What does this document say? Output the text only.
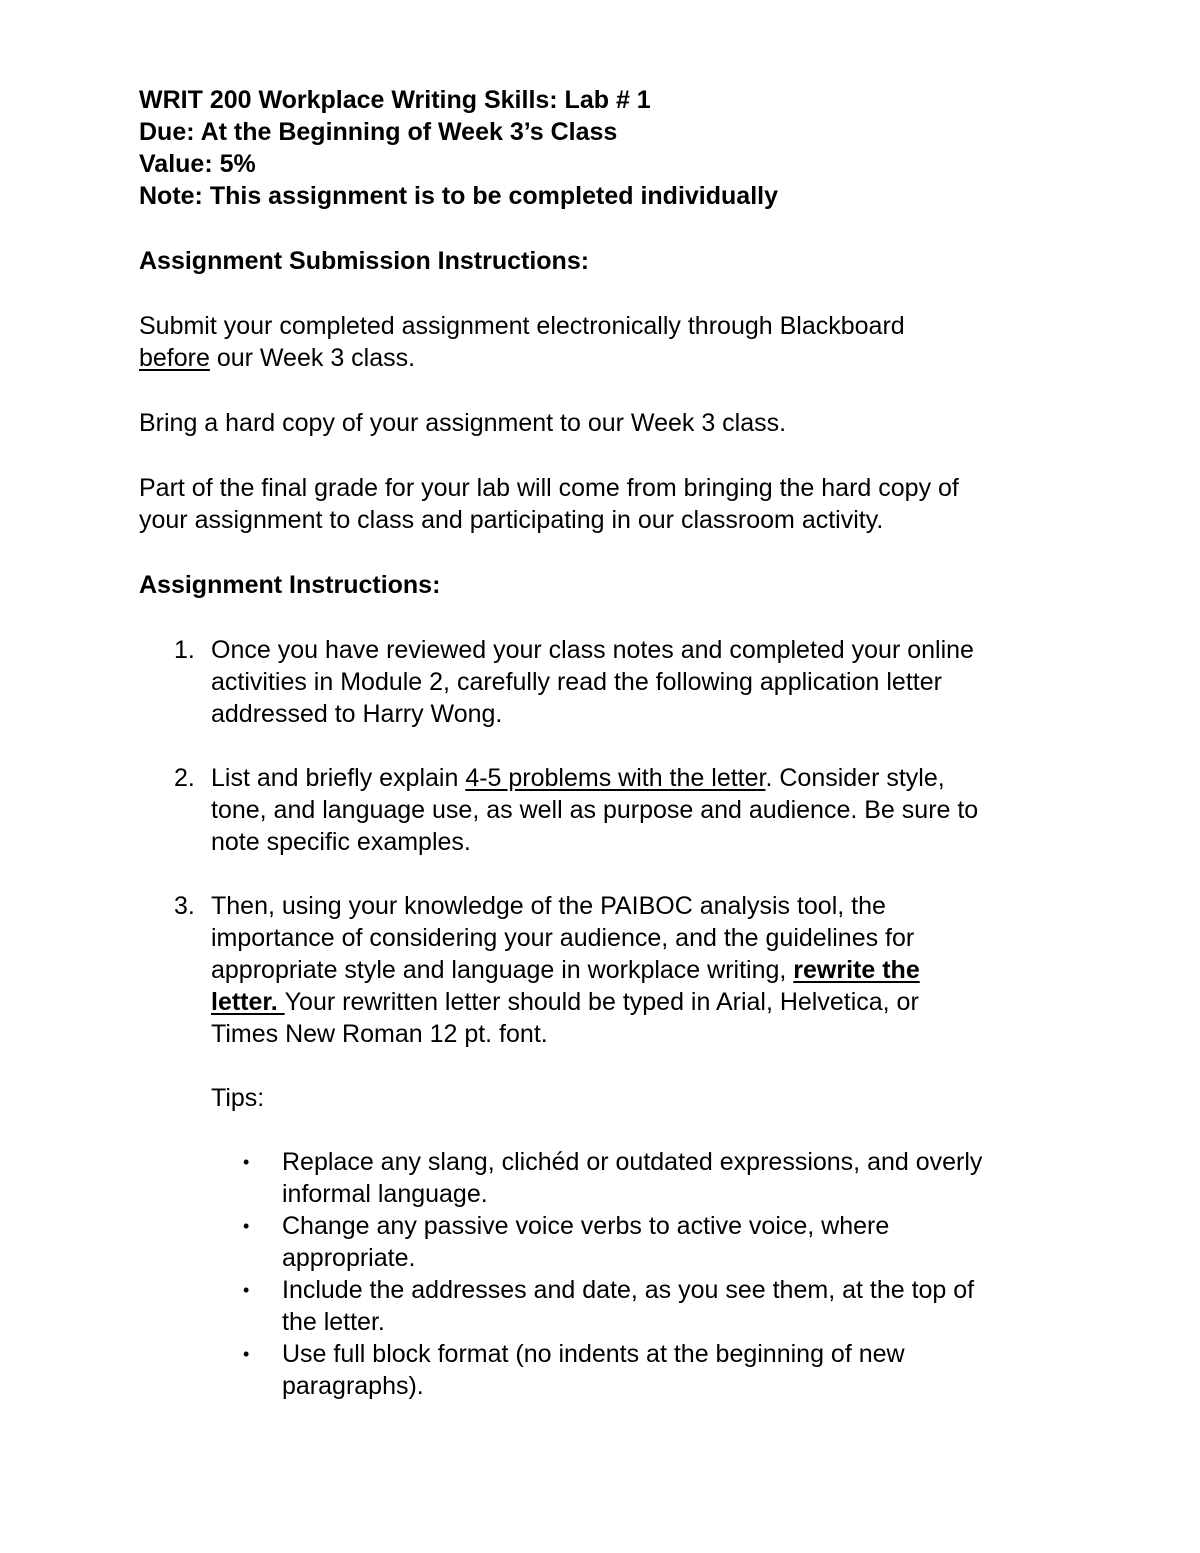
WRIT 200 Workplace Writing Skills: Lab # 1

Due: At the Beginning of Week 3’s Class

Value: 5%

Note: This assignment is to be completed individually

Assignment Submission Instructions:

Submit your completed assignment electronically through Blackboard

before our Week 3 class.

Bring a hard copy of your assignment to our Week 3 class.

Part of the final grade for your lab will come from bringing the hard copy of

your assignment to class and participating in our classroom activity.

Assignment Instructions:

1. Once you have reviewed your class notes and completed your online

activities in Module 2, carefully read the following application letter

addressed to Harry Wong.

2. List and briefly explain 4-5 problems with the letter. Consider style,

tone, and language use, as well as purpose and audience. Be sure to

note specific examples.

3. Then, using your knowledge of the PAIBOC analysis tool, the

importance of considering your audience, and the guidelines for

appropriate style and language in workplace writing, rewrite the

letter. Your rewritten letter should be typed in Arial, Helvetica, or

Times New Roman 12 pt. font.

Tips:

• Replace any slang, clichéd or outdated expressions, and overly

informal language.

• Change any passive voice verbs to active voice, where

appropriate.

• Include the addresses and date, as you see them, at the top of

the letter.

• Use full block format (no indents at the beginning of new

paragraphs).
